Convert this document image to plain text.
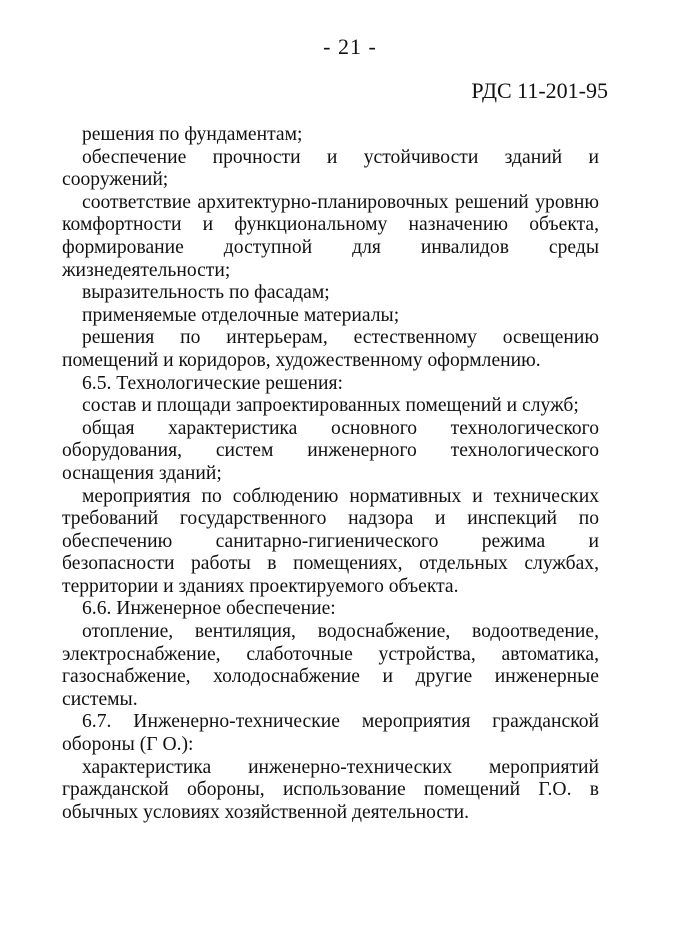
- 21 -
РДС 11-201-95

решения по фундаментам;

обеспечение прочности и устойчивости зданий и сооружений;

соответствие архитектурно-планировочных решений уровню комфортности и функциональному назначению объекта, формирование доступной для инвалидов среды жизнедеятельности;

выразительность по фасадам;

применяемые отделочные материалы;

решения по интерьерам, естественному освещению помещений и коридоров, художественному оформлению.

6.5. Технологические решения:

состав и площади запроектированных помещений и служб;

общая характеристика основного технологического оборудования, систем инженерного технологического оснащения зданий;

мероприятия по соблюдению нормативных и технических требований государственного надзора и инспекций по обеспечению санитарно-гигиенического режима и безопасности работы в помещениях, отдельных службах, территории и зданиях проектируемого объекта.

6.6. Инженерное обеспечение:

отопление, вентиляция, водоснабжение, водоотведение, электроснабжение, слаботочные устройства, автоматика, газоснабжение, холодоснабжение и другие инженерные системы.

6.7. Инженерно-технические мероприятия гражданской обороны (Г О.):

характеристика инженерно-технических мероприятий гражданской обороны, использование помещений Г.О. в обычных условиях хозяйственной деятельности.
